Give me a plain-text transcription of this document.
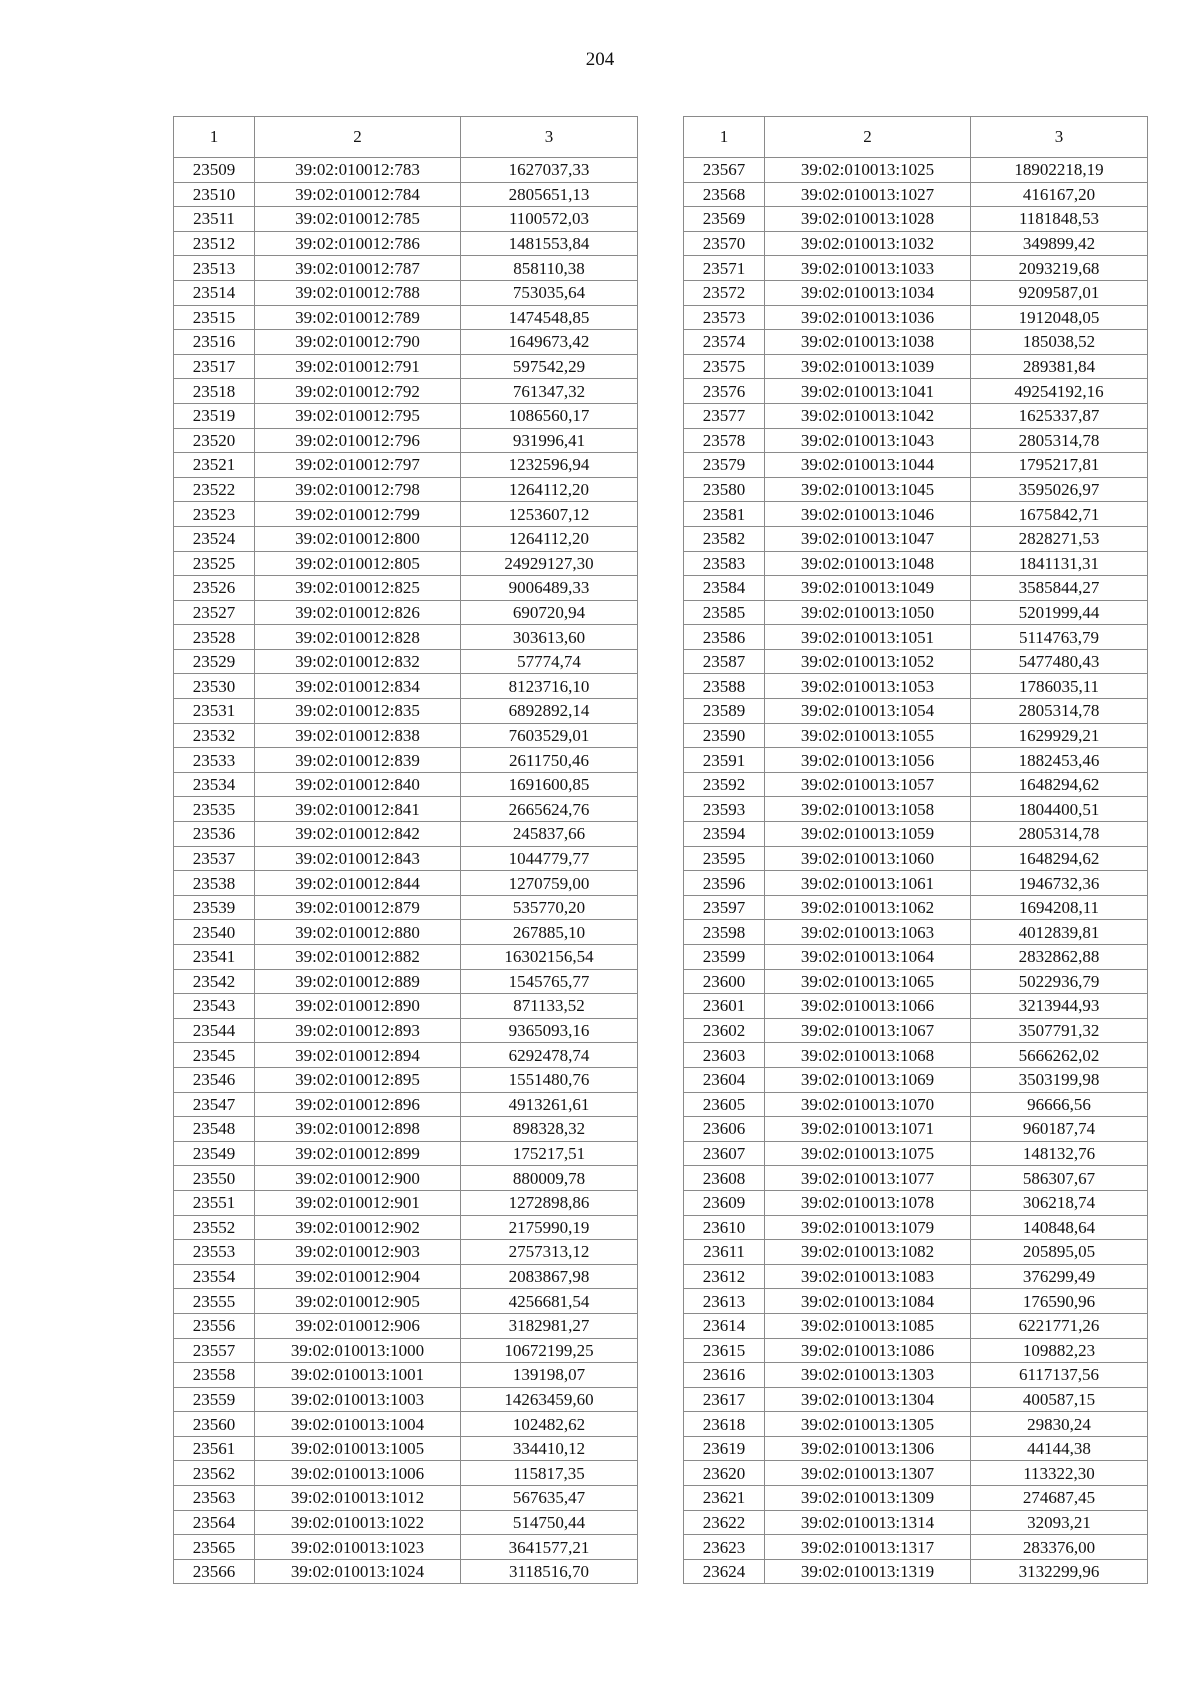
204
1	2	3
23509	39:02:010012:783	1627037,33
23510	39:02:010012:784	2805651,13
23511	39:02:010012:785	1100572,03
23512	39:02:010012:786	1481553,84
23513	39:02:010012:787	858110,38
23514	39:02:010012:788	753035,64
23515	39:02:010012:789	1474548,85
23516	39:02:010012:790	1649673,42
23517	39:02:010012:791	597542,29
23518	39:02:010012:792	761347,32
23519	39:02:010012:795	1086560,17
23520	39:02:010012:796	931996,41
23521	39:02:010012:797	1232596,94
23522	39:02:010012:798	1264112,20
23523	39:02:010012:799	1253607,12
23524	39:02:010012:800	1264112,20
23525	39:02:010012:805	24929127,30
23526	39:02:010012:825	9006489,33
23527	39:02:010012:826	690720,94
23528	39:02:010012:828	303613,60
23529	39:02:010012:832	57774,74
23530	39:02:010012:834	8123716,10
23531	39:02:010012:835	6892892,14
23532	39:02:010012:838	7603529,01
23533	39:02:010012:839	2611750,46
23534	39:02:010012:840	1691600,85
23535	39:02:010012:841	2665624,76
23536	39:02:010012:842	245837,66
23537	39:02:010012:843	1044779,77
23538	39:02:010012:844	1270759,00
23539	39:02:010012:879	535770,20
23540	39:02:010012:880	267885,10
23541	39:02:010012:882	16302156,54
23542	39:02:010012:889	1545765,77
23543	39:02:010012:890	871133,52
23544	39:02:010012:893	9365093,16
23545	39:02:010012:894	6292478,74
23546	39:02:010012:895	1551480,76
23547	39:02:010012:896	4913261,61
23548	39:02:010012:898	898328,32
23549	39:02:010012:899	175217,51
23550	39:02:010012:900	880009,78
23551	39:02:010012:901	1272898,86
23552	39:02:010012:902	2175990,19
23553	39:02:010012:903	2757313,12
23554	39:02:010012:904	2083867,98
23555	39:02:010012:905	4256681,54
23556	39:02:010012:906	3182981,27
23557	39:02:010013:1000	10672199,25
23558	39:02:010013:1001	139198,07
23559	39:02:010013:1003	14263459,60
23560	39:02:010013:1004	102482,62
23561	39:02:010013:1005	334410,12
23562	39:02:010013:1006	115817,35
23563	39:02:010013:1012	567635,47
23564	39:02:010013:1022	514750,44
23565	39:02:010013:1023	3641577,21
23566	39:02:010013:1024	3118516,70
1	2	3
23567	39:02:010013:1025	18902218,19
23568	39:02:010013:1027	416167,20
23569	39:02:010013:1028	1181848,53
23570	39:02:010013:1032	349899,42
23571	39:02:010013:1033	2093219,68
23572	39:02:010013:1034	9209587,01
23573	39:02:010013:1036	1912048,05
23574	39:02:010013:1038	185038,52
23575	39:02:010013:1039	289381,84
23576	39:02:010013:1041	49254192,16
23577	39:02:010013:1042	1625337,87
23578	39:02:010013:1043	2805314,78
23579	39:02:010013:1044	1795217,81
23580	39:02:010013:1045	3595026,97
23581	39:02:010013:1046	1675842,71
23582	39:02:010013:1047	2828271,53
23583	39:02:010013:1048	1841131,31
23584	39:02:010013:1049	3585844,27
23585	39:02:010013:1050	5201999,44
23586	39:02:010013:1051	5114763,79
23587	39:02:010013:1052	5477480,43
23588	39:02:010013:1053	1786035,11
23589	39:02:010013:1054	2805314,78
23590	39:02:010013:1055	1629929,21
23591	39:02:010013:1056	1882453,46
23592	39:02:010013:1057	1648294,62
23593	39:02:010013:1058	1804400,51
23594	39:02:010013:1059	2805314,78
23595	39:02:010013:1060	1648294,62
23596	39:02:010013:1061	1946732,36
23597	39:02:010013:1062	1694208,11
23598	39:02:010013:1063	4012839,81
23599	39:02:010013:1064	2832862,88
23600	39:02:010013:1065	5022936,79
23601	39:02:010013:1066	3213944,93
23602	39:02:010013:1067	3507791,32
23603	39:02:010013:1068	5666262,02
23604	39:02:010013:1069	3503199,98
23605	39:02:010013:1070	96666,56
23606	39:02:010013:1071	960187,74
23607	39:02:010013:1075	148132,76
23608	39:02:010013:1077	586307,67
23609	39:02:010013:1078	306218,74
23610	39:02:010013:1079	140848,64
23611	39:02:010013:1082	205895,05
23612	39:02:010013:1083	376299,49
23613	39:02:010013:1084	176590,96
23614	39:02:010013:1085	6221771,26
23615	39:02:010013:1086	109882,23
23616	39:02:010013:1303	6117137,56
23617	39:02:010013:1304	400587,15
23618	39:02:010013:1305	29830,24
23619	39:02:010013:1306	44144,38
23620	39:02:010013:1307	113322,30
23621	39:02:010013:1309	274687,45
23622	39:02:010013:1314	32093,21
23623	39:02:010013:1317	283376,00
23624	39:02:010013:1319	3132299,96
